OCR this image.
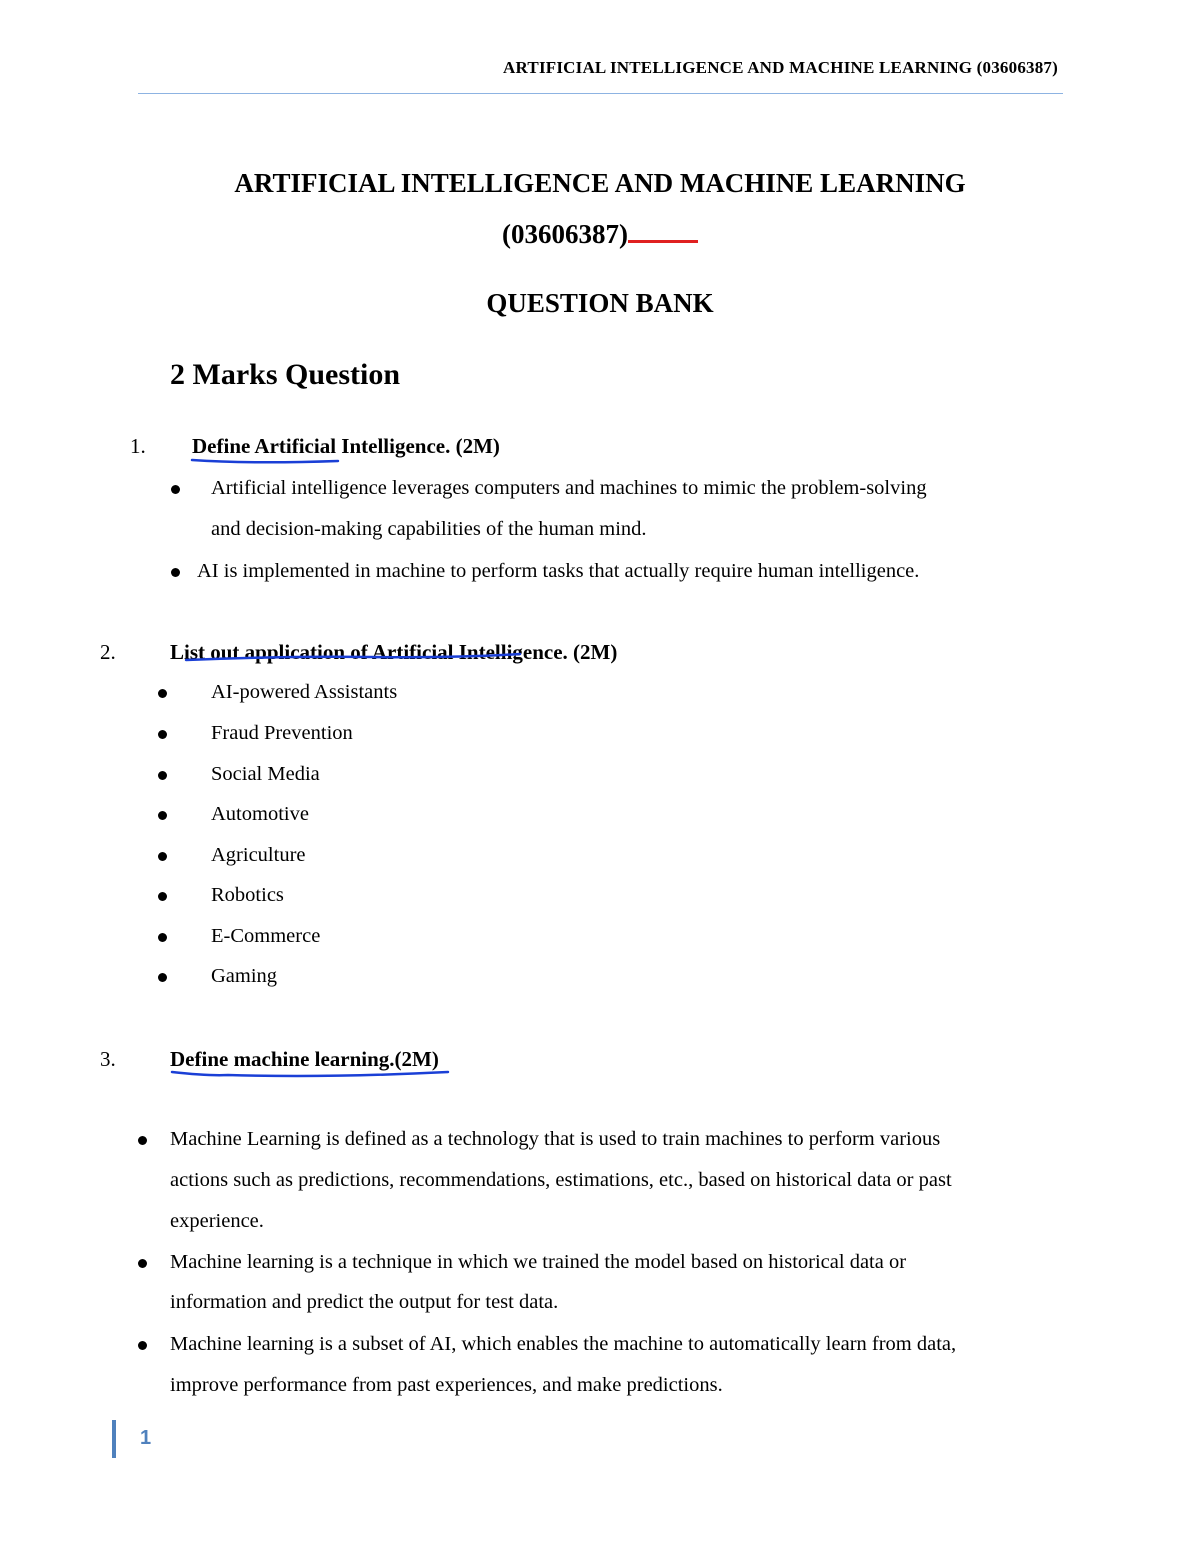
ARTIFICIAL INTELLIGENCE AND MACHINE LEARNING (03606387)
ARTIFICIAL INTELLIGENCE AND MACHINE LEARNING
(03606387)
QUESTION BANK
2 Marks Question
1. Define Artificial Intelligence. (2M)
Artificial intelligence leverages computers and machines to mimic the problem-solving
and decision-making capabilities of the human mind.
AI is implemented in machine to perform tasks that actually require human intelligence.
2.	List out application of Artificial Intelligence. (2M)
AI-powered Assistants
Fraud Prevention
Social Media
Automotive
Agriculture
Robotics
E-Commerce
Gaming
3.	Define machine learning.(2M)
Machine Learning is defined as a technology that is used to train machines to perform various
actions such as predictions, recommendations, estimations, etc., based on historical data or past
experience.
Machine learning is a technique in which we trained the model based on historical data or
information and predict the output for test data.
Machine learning is a subset of AI, which enables the machine to automatically learn from data,
improve performance from past experiences, and make predictions.
1
